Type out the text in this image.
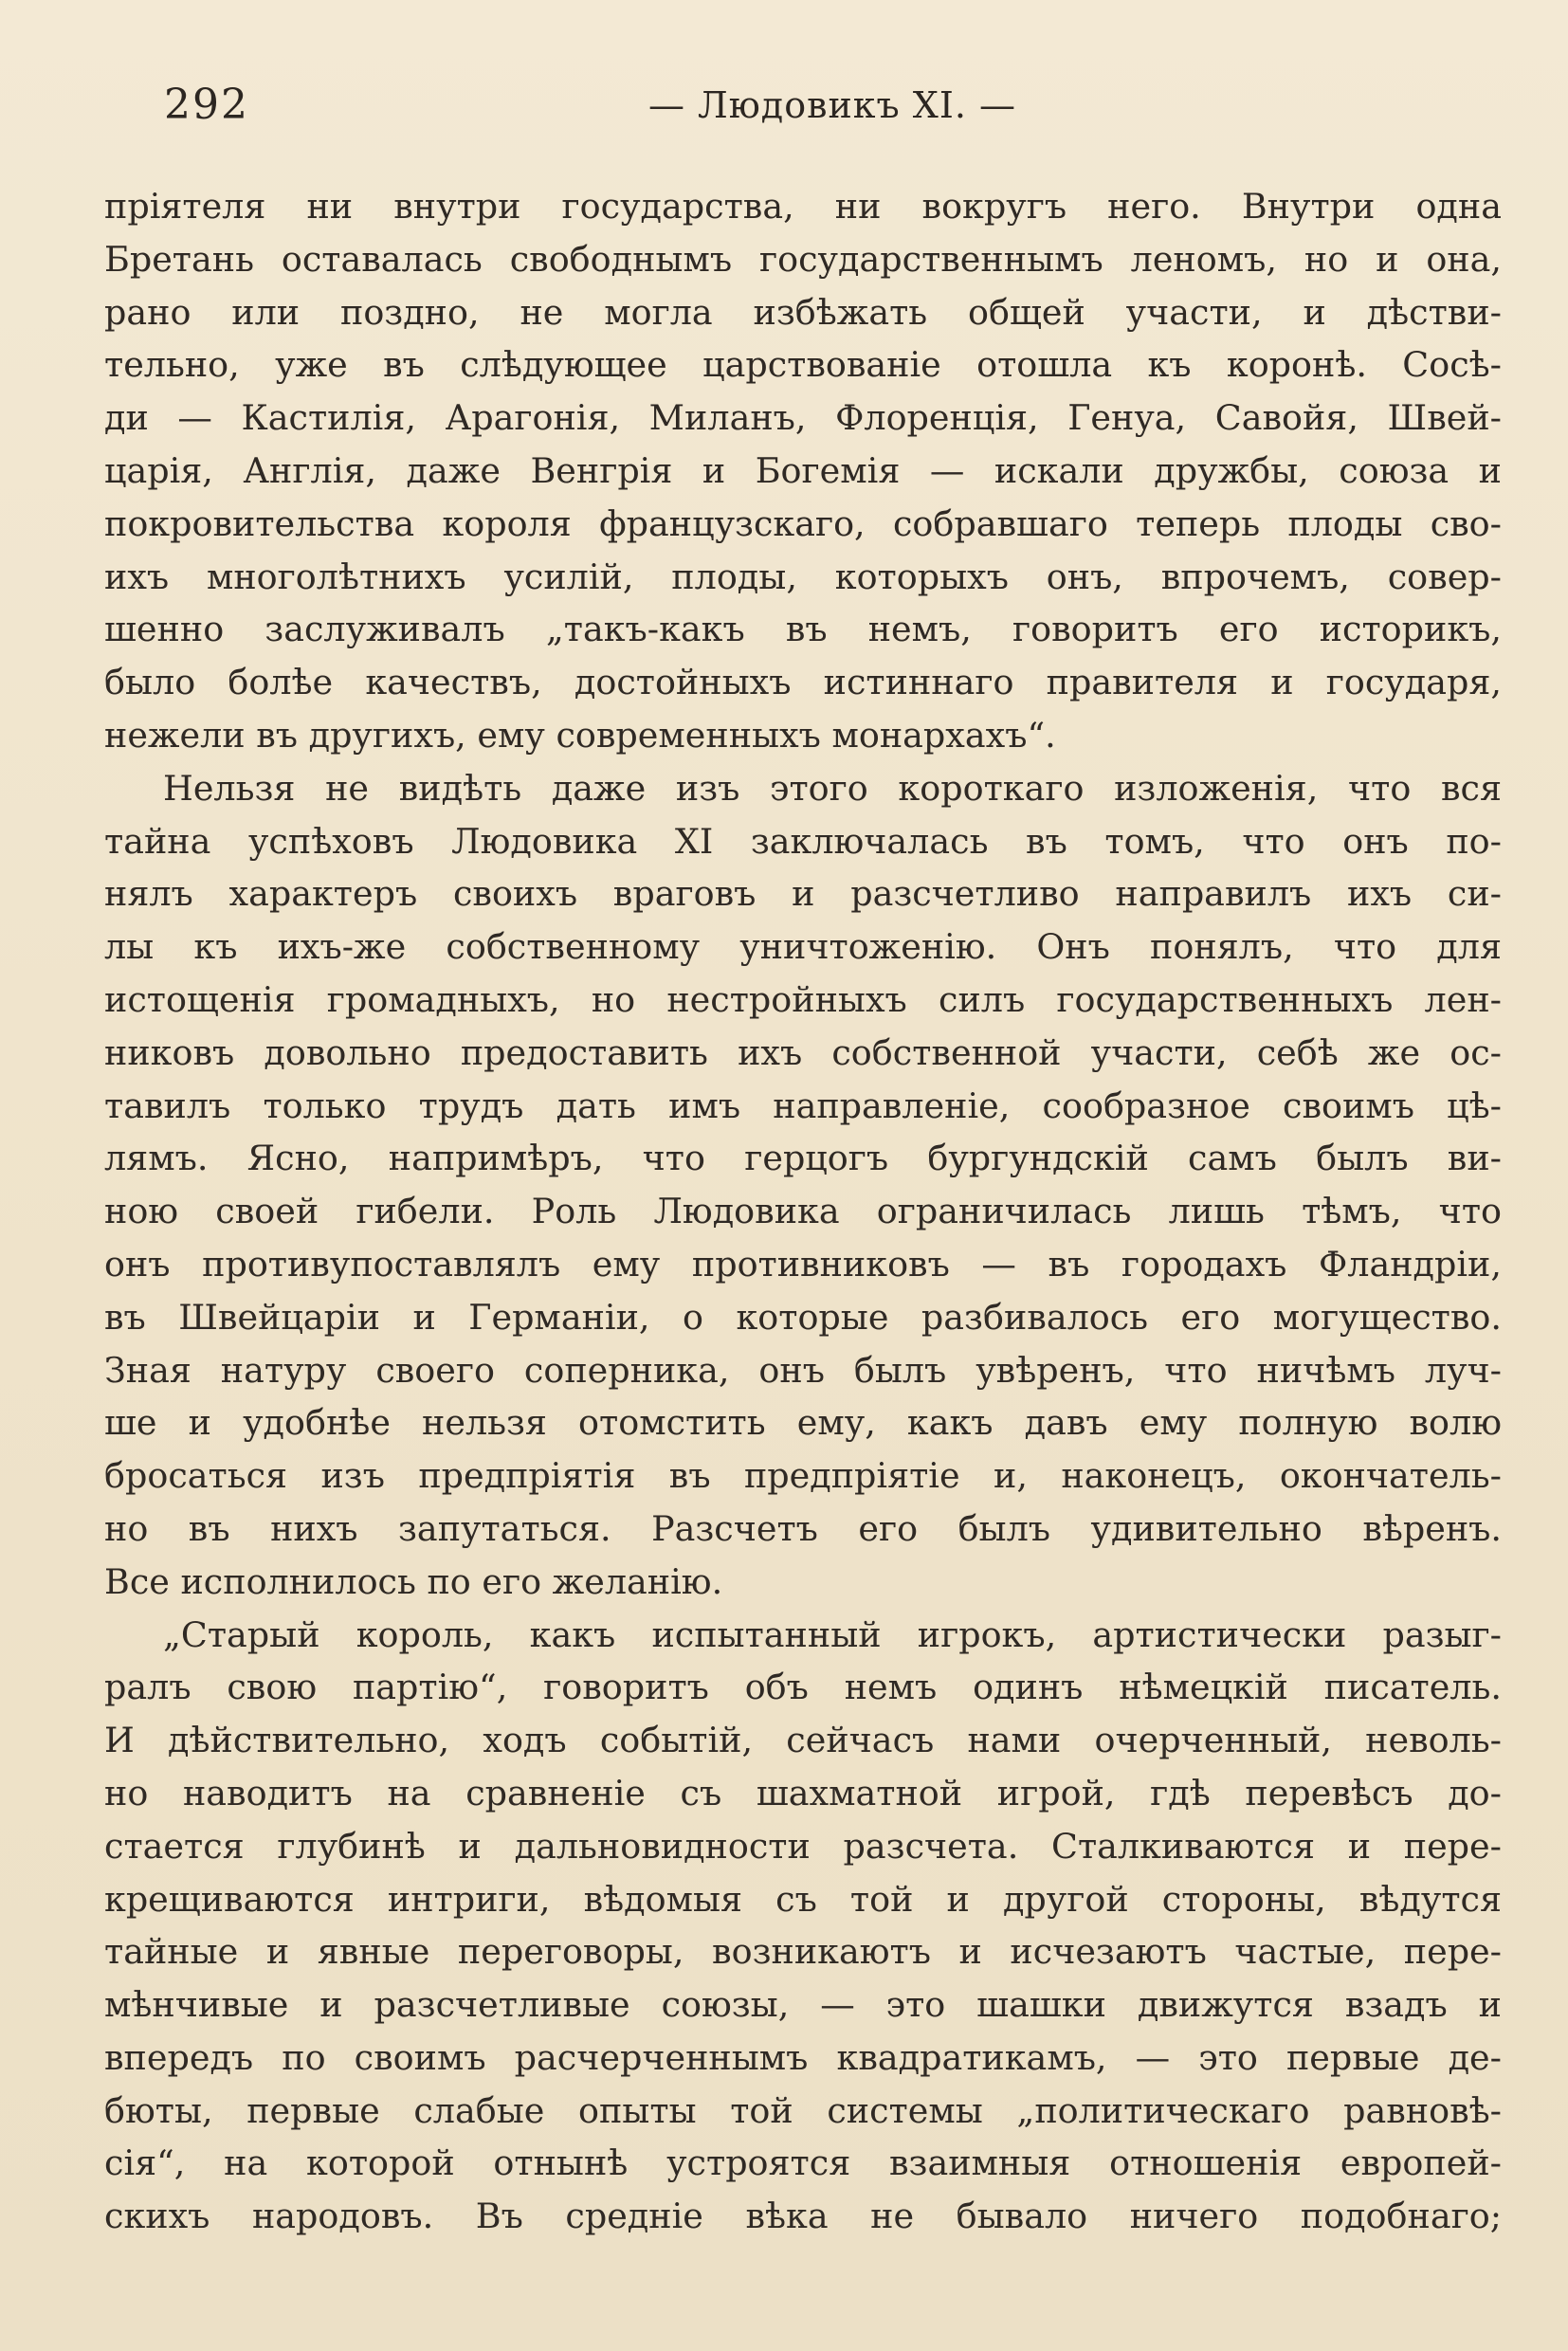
292	— Людовикъ XI. —
пріятеля ни внутри государства, ни вокругъ него. Внутри одна
Бретань оставалась свободнымъ государственнымъ леномъ, но и она,
рано или поздно, не могла избѣжать общей участи, и дѣстви-
тельно, уже въ слѣдующее царствованіе отошла къ коронѣ. Сосѣ-
ди — Кастилія, Арагонія, Миланъ, Флоренція, Генуа, Савойя, Швей-
царія, Англія, даже Венгрія и Богемія — искали дружбы, союза и
покровительства короля французскаго, собравшаго теперь плоды сво-
ихъ многолѣтнихъ усилій, плоды, которыхъ онъ, впрочемъ, совер-
шенно заслуживалъ „такъ-какъ въ немъ, говоритъ его историкъ,
было болѣе качествъ, достойныхъ истиннаго правителя и государя,
нежели въ другихъ, ему современныхъ монархахъ“.
Нельзя не видѣть даже изъ этого короткаго изложенія, что вся
тайна успѣховъ Людовика XI заключалась въ томъ, что онъ по-
нялъ характеръ своихъ враговъ и разсчетливо направилъ ихъ си-
лы къ ихъ-же собственному уничтоженію. Онъ понялъ, что для
истощенія громадныхъ, но нестройныхъ силъ государственныхъ лен-
никовъ довольно предоставить ихъ собственной участи, себѣ же ос-
тавилъ только трудъ дать имъ направленіе, сообразное своимъ цѣ-
лямъ. Ясно, напримѣръ, что герцогъ бургундскій самъ былъ ви-
ною своей гибели. Роль Людовика ограничилась лишь тѣмъ, что
онъ противупоставлялъ ему противниковъ — въ городахъ Фландріи,
въ Швейцаріи и Германіи, о которые разбивалось его могущество.
Зная натуру своего соперника, онъ былъ увѣренъ, что ничѣмъ луч-
ше и удобнѣе нельзя отомстить ему, какъ давъ ему полную волю
бросаться изъ предпріятія въ предпріятіе и, наконецъ, окончатель-
но въ нихъ запутаться. Разсчетъ его былъ удивительно вѣренъ.
Все исполнилось по его желанію.
„Старый король, какъ испытанный игрокъ, артистически разыг-
ралъ свою партію“, говоритъ объ немъ одинъ нѣмецкій писатель.
И дѣйствительно, ходъ событій, сейчасъ нами очерченный, неволь-
но наводитъ на сравненіе съ шахматной игрой, гдѣ перевѣсъ до-
стается глубинѣ и дальновидности разсчета. Сталкиваются и пере-
крещиваются интриги, вѣдомыя съ той и другой стороны, вѣдутся
тайные и явные переговоры, возникаютъ и исчезаютъ частые, пере-
мѣнчивые и разсчетливые союзы, — это шашки движутся взадъ и
впередъ по своимъ расчерченнымъ квадратикамъ, — это первые де-
бюты, первые слабые опыты той системы „политическаго равновѣ-
сія“, на которой отнынѣ устроятся взаимныя отношенія европей-
скихъ народовъ. Въ средніе вѣка не бывало ничего подобнаго;
